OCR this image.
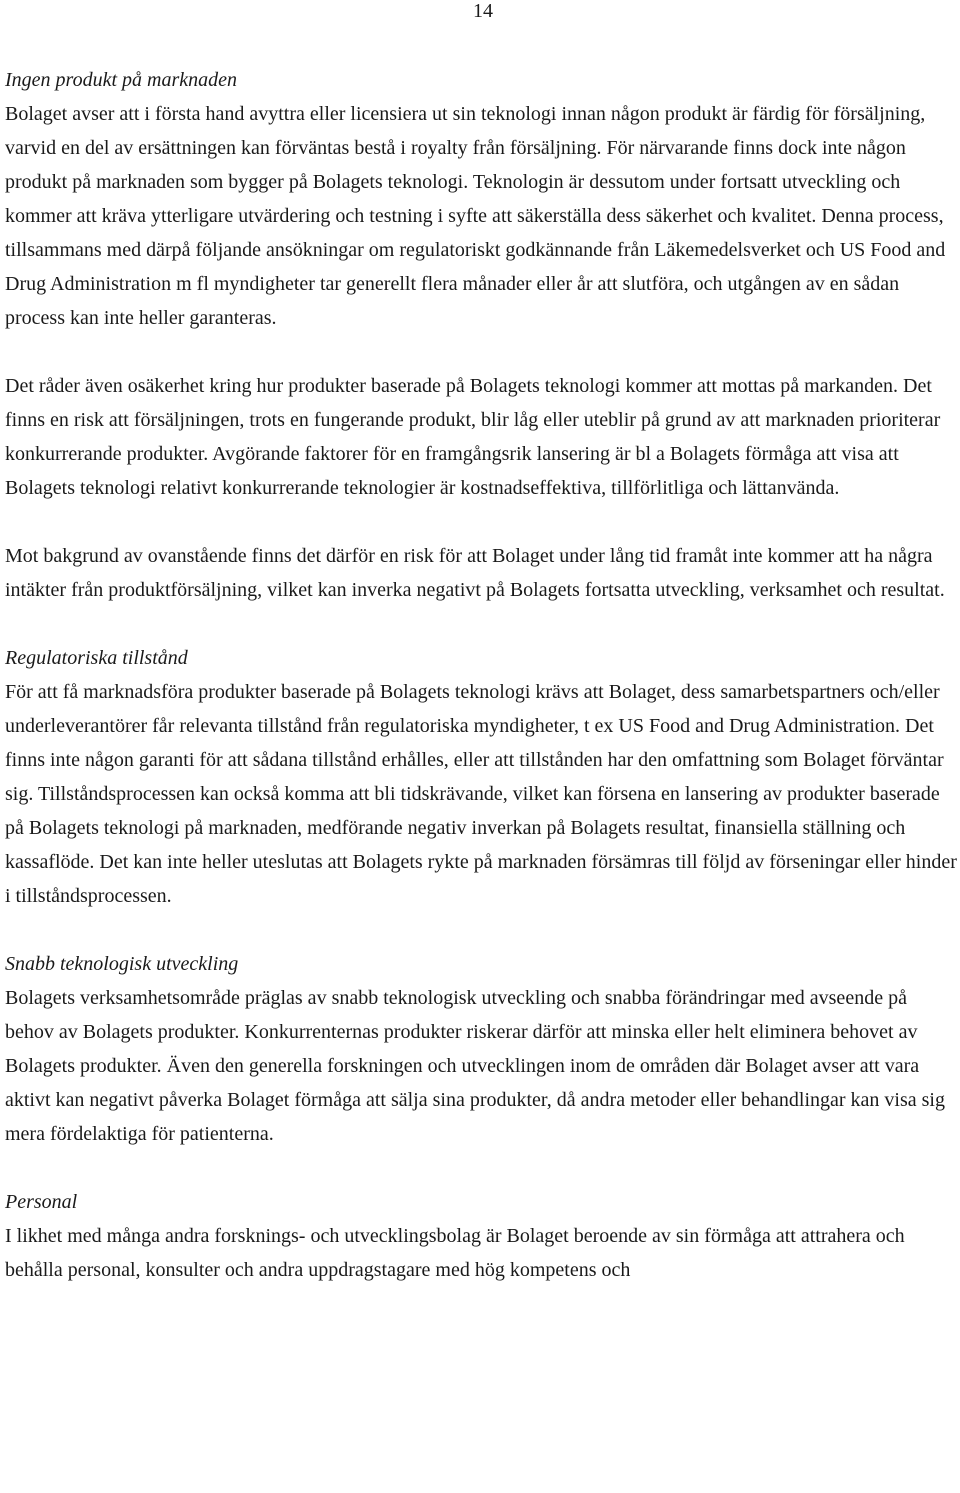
14

Ingen produkt på marknaden

Bolaget avser att i första hand avyttra eller licensiera ut sin teknologi innan någon produkt är färdig för försäljning, varvid en del av ersättningen kan förväntas bestå i royalty från försäljning. För närvarande finns dock inte någon produkt på marknaden som bygger på Bolagets teknologi. Teknologin är dessutom under fortsatt utveckling och kommer att kräva ytterligare utvärdering och testning i syfte att säkerställa dess säkerhet och kvalitet. Denna process, tillsammans med därpå följande ansökningar om regulatoriskt godkännande från Läkemedelsverket och US Food and Drug Administration m fl myndigheter tar generellt flera månader eller år att slutföra, och utgången av en sådan process kan inte heller garanteras.

Det råder även osäkerhet kring hur produkter baserade på Bolagets teknologi kommer att mottas på markanden. Det finns en risk att försäljningen, trots en fungerande produkt, blir låg eller uteblir på grund av att marknaden prioriterar konkurrerande produkter. Avgörande faktorer för en framgångsrik lansering är bl a Bolagets förmåga att visa att Bolagets teknologi relativt konkurrerande teknologier är kostnadseffektiva, tillförlitliga och lättanvända.

Mot bakgrund av ovanstående finns det därför en risk för att Bolaget under lång tid framåt inte kommer att ha några intäkter från produktförsäljning, vilket kan inverka negativt på Bolagets fortsatta utveckling, verksamhet och resultat.

Regulatoriska tillstånd

För att få marknadsföra produkter baserade på Bolagets teknologi krävs att Bolaget, dess samarbetspartners och/eller underleverantörer får relevanta tillstånd från regulatoriska myndigheter, t ex US Food and Drug Administration. Det finns inte någon garanti för att sådana tillstånd erhålles, eller att tillstånden har den omfattning som Bolaget förväntar sig. Tillståndsprocessen kan också komma att bli tidskrävande, vilket kan försena en lansering av produkter baserade på Bolagets teknologi på marknaden, medförande negativ inverkan på Bolagets resultat, finansiella ställning och kassaflöde. Det kan inte heller uteslutas att Bolagets rykte på marknaden försämras till följd av förseningar eller hinder i tillståndsprocessen.

Snabb teknologisk utveckling

Bolagets verksamhetsområde präglas av snabb teknologisk utveckling och snabba förändringar med avseende på behov av Bolagets produkter. Konkurrenternas produkter riskerar därför att minska eller helt eliminera behovet av Bolagets produkter. Även den generella forskningen och utvecklingen inom de områden där Bolaget avser att vara aktivt kan negativt påverka Bolaget förmåga att sälja sina produkter, då andra metoder eller behandlingar kan visa sig mera fördelaktiga för patienterna.

Personal

I likhet med många andra forsknings- och utvecklingsbolag är Bolaget beroende av sin förmåga att attrahera och behålla personal, konsulter och andra uppdragstagare med hög kompetens och
